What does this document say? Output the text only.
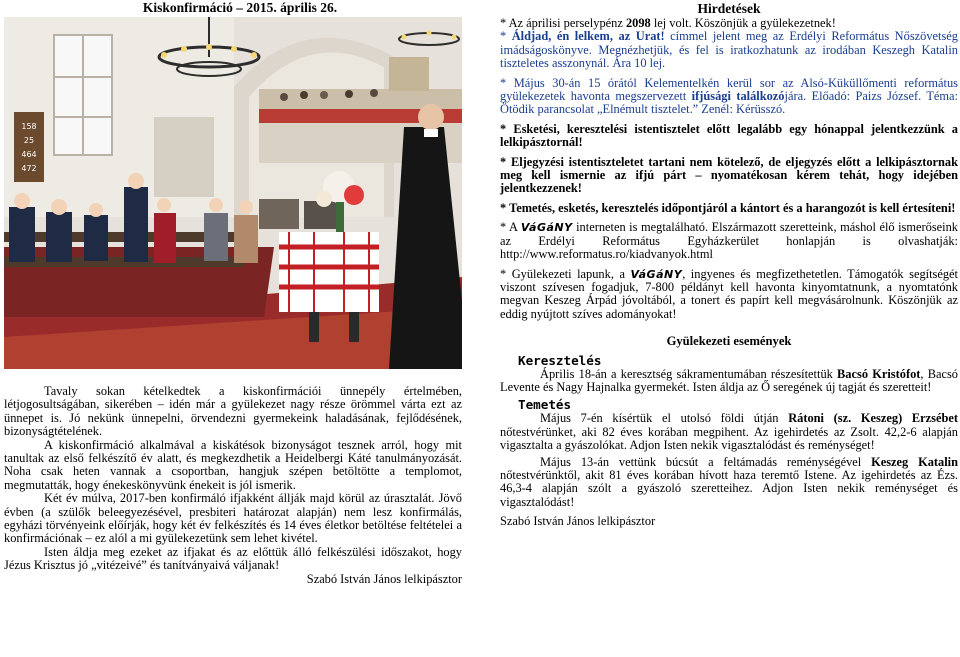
Kiskonfirmáció – 2015. április 26.
158
25
464
472

Tavaly sokan kételkedtek a kiskonfirmációi ünnepély értelmében, létjogosultságában, sikerében – idén már a gyülekezet nagy része örömmel várta ezt az ünnepet is. Jó nekünk ünnepelni, örvendezni gyermekeink haladásának, fejlődésének, bizonyságtételének.

A kiskonfirmáció alkalmával a kiskátésok bizonyságot tesznek arról, hogy mit tanultak az első felkészítő év alatt, és megkezdhetik a Heidelbergi Káté tanulmányozását. Noha csak heten vannak a csoportban, hangjuk szépen betöltötte a templomot, megmutatták, hogy énekeskönyvünk énekeit is jól ismerik.

Két év múlva, 2017-ben konfirmáló ifjakként állják majd körül az úrasztalát. Jövő évben (a szülők beleegyezésével, presbiteri határozat alapján) nem lesz konfirmálás, egyházi törvényeink előírják, hogy két év felkészítés és 14 éves életkor betöltése feltételei a konfirmációnak – ez alól a mi gyülekezetünk sem lehet kivétel.

Isten áldja meg ezeket az ifjakat és az előttük álló felkészülési időszakot, hogy Jézus Krisztus jó „vitézeivé” és tanítványaivá váljanak!

Szabó István János lelkipásztor

Hirdetések

* Az áprilisi perselypénz 2098 lej volt. Köszönjük a gyülekezetnek!

* Áldjad, én lelkem, az Urat! címmel jelent meg az Erdélyi Református Nőszövetség imádságoskönyve. Megnézhetjük, és fel is iratkozhatunk az irodában Keszegh Katalin tiszteletes asszonynál. Ára 10 lej.

* Május 30-án 15 órától Kelementelkén kerül sor az Alsó-Küküllőmenti református gyülekezetek havonta megszervezett ifjúsági találkozójára. Előadó: Paizs József. Téma: Ötödik parancsolat „Elnémult tisztelet.” Zenél: Kérüsszó.

* Esketési, keresztelési istentisztelet előtt legalább egy hónappal jelentkezzünk a lelkipásztornál!

* Eljegyzési istentiszteletet tartani nem kötelező, de eljegyzés előtt a lelkipásztornak meg kell ismernie az ifjú párt – nyomatékosan kérem tehát, hogy idejében jelentkezzenek!

* Temetés, esketés, keresztelés időpontjáról a kántort és a harangozót is kell értesíteni!

* A VáGáNY interneten is megtalálható. Elszármazott szeretteink, máshol élő ismerőseink az Erdélyi Református Egyházkerület honlapján is olvashatják: http://www.reformatus.ro/kiadvanyok.html

* Gyülekezeti lapunk, a VáGáNY, ingyenes és megfizethetetlen. Támogatók segítségét viszont szívesen fogadjuk, 7-800 példányt kell havonta kinyomtatnunk, a nyomtatónk megvan Keszeg Árpád jóvoltából, a tonert és papírt kell megvásárolnunk. Köszönjük az eddig nyújtott szíves adományokat!

Gyülekezeti események
Keresztelés

Április 18-án a keresztség sákramentumában részesítettük Bacsó Kristófot, Bacsó Levente és Nagy Hajnalka gyermekét. Isten áldja az Ő seregének új tagját és szeretteit!

Temetés

Május 7-én kísértük el utolsó földi útján Rátoni (sz. Keszeg) Erzsébet nőtestvérünket, aki 82 éves korában megpihent. Az igehirdetés az Zsolt. 42,2-6 alapján vigasztalta a gyászolókat. Adjon Isten nekik vigasztalódást és reménységet!

Május 13-án vettünk búcsút a feltámadás reménységével Keszeg Katalin nőtestvérünktől, akit 81 éves korában hívott haza teremtő Istene. Az igehirdetés az Ézs. 46,3-4 alapján szólt a gyászoló szeretteihez. Adjon Isten nekik reménységet és vigasztalódást!

Szabó István János lelkipásztor
